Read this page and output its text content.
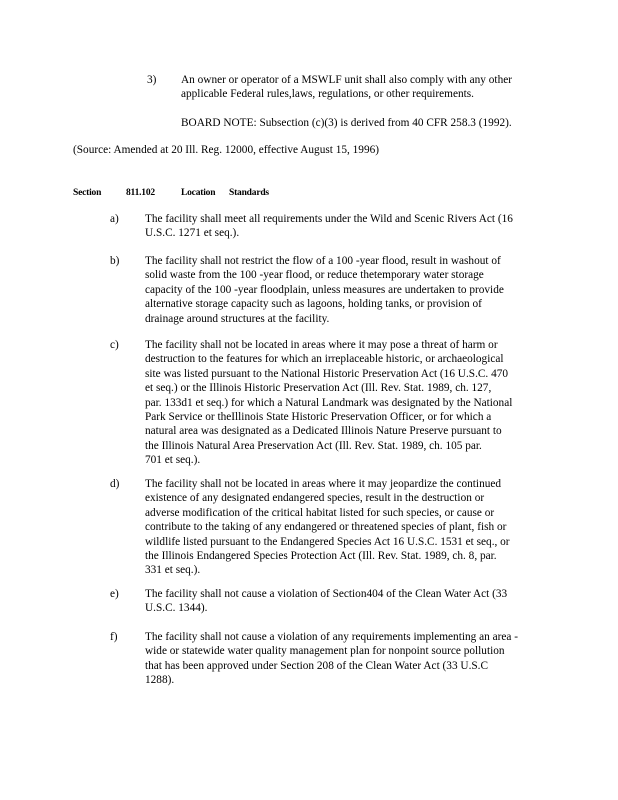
3) An owner or operator of a MSWLF unit shall also comply with any other
applicable Federal rules,laws, regulations, or other requirements.
BOARD NOTE: Subsection (c)(3) is derived from 40 CFR 258.3 (1992).
(Source: Amended at 20 Ill. Reg. 12000, effective August 15, 1996)
Section	811.102	Location Standards
a) The facility shall meet all requirements under the Wild and Scenic Rivers Act (16
U.S.C. 1271 et seq.).
b) The facility shall not restrict the flow of a 100 -year flood, result in washout of
solid waste from the 100 -year flood, or reduce thetemporary water storage
capacity of the 100 -year floodplain, unless measures are undertaken to provide
alternative storage capacity such as lagoons, holding tanks, or provision of
drainage around structures at the facility.
c) The facility shall not be located in areas where it may pose a threat of harm or
destruction to the features for which an irreplaceable historic, or archaeological
site was listed pursuant to the National Historic Preservation Act (16 U.S.C. 470
et seq.) or the Illinois Historic Preservation Act (Ill. Rev. Stat. 1989, ch. 127,
par. 133d1 et seq.) for which a Natural Landmark was designated by the National
Park Service or theIllinois State Historic Preservation Officer, or for which a
natural area was designated as a Dedicated Illinois Nature Preserve pursuant to
the Illinois Natural Area Preservation Act (Ill. Rev. Stat. 1989, ch. 105 par.
701 et seq.).
d) The facility shall not be located in areas where it may jeopardize the continued
existence of any designated endangered species, result in the destruction or
adverse modification of the critical habitat listed for such species, or cause or
contribute to the taking of any endangered or threatened species of plant, fish or
wildlife listed pursuant to the Endangered Species Act 16 U.S.C. 1531 et seq., or
the Illinois Endangered Species Protection Act (Ill. Rev. Stat. 1989, ch. 8, par.
331 et seq.).
e) The facility shall not cause a violation of Section404 of the Clean Water Act (33
U.S.C. 1344).
f) The facility shall not cause a violation of any requirements implementing an area -
wide or statewide water quality management plan for nonpoint source pollution
that has been approved under Section 208 of the Clean Water Act (33 U.S.C
1288).
